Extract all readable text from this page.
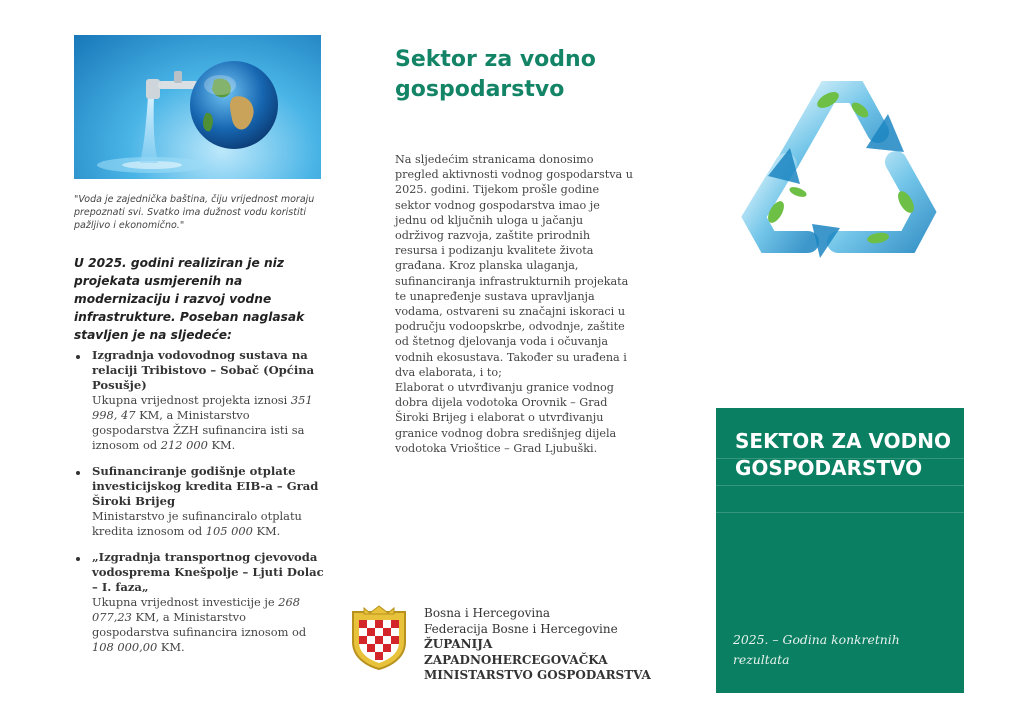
"Voda je zajednička baština, čiju vrijednost moraju prepoznati svi. Svatko ima dužnost vodu koristiti pažljivo i ekonomično."
U 2025. godini realiziran je niz projekata usmjerenih na modernizaciju i razvoj vodne infrastrukture. Poseban naglasak stavljen je na sljedeće:
Izgradnja vodovodnog sustava na relaciji Tribistovo – Sobač (Općina Posušje)
Ukupna vrijednost projekta iznosi 351 998, 47 KM, a Ministarstvo gospodarstva ŽZH sufinancira isti sa iznosom od 212 000 KM.
Sufinanciranje godišnje otplate investicijskog kredita EIB-a – Grad Široki Brijeg
Ministarstvo je sufinanciralo otplatu kredita iznosom od 105 000 KM.
„Izgradnja transportnog cjevovoda vodosprema Knešpolje – Ljuti Dolac – I. faza„
Ukupna vrijednost investicije je 268 077,23 KM, a Ministarstvo gospodarstva sufinancira iznosom od 108 000,00 KM.
Sektor za vodno gospodarstvo
Na sljedećim stranicama donosimo pregled aktivnosti vodnog gospodarstva u 2025. godini. Tijekom prošle godine sektor vodnog gospodarstva imao je jednu od ključnih uloga u jačanju održivog razvoja, zaštite prirodnih resursa i podizanju kvalitete života građana. Kroz planska ulaganja, sufinanciranja infrastrukturnih projekata te unapređenje sustava upravljanja vodama, ostvareni su značajni iskoraci u području vodoopskrbe, odvodnje, zaštite od štetnog djelovanja voda i očuvanja vodnih ekosustava. Također su urađena i dva elaborata, i to;
Elaborat o utvrđivanju granice vodnog dobra dijela vodotoka Orovnik – Grad Široki Brijeg i elaborat o utvrđivanju granice vodnog dobra središnjeg dijela vodotoka Vrioštice – Grad Ljubuški.
Bosna i Hercegovina
Federacija Bosne i Hercegovine
ŽUPANIJA
ZAPADNOHERCEGOVAČKA
MINISTARSTVO GOSPODARSTVA
SEKTOR ZA VODNO GOSPODARSTVO
2025. – Godina konkretnih rezultata
